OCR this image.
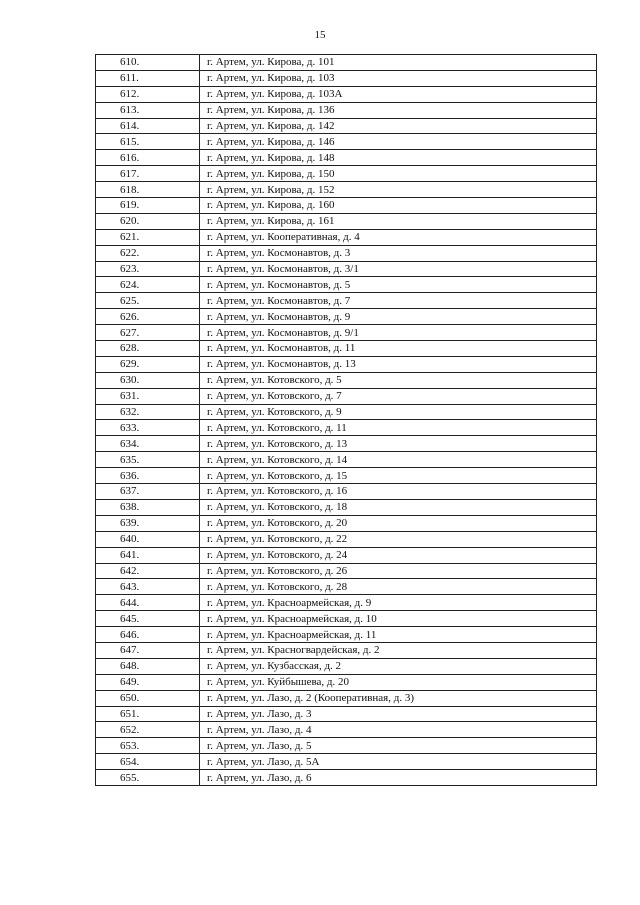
15
610.	г. Артем, ул. Кирова, д. 101
611.	г. Артем, ул. Кирова, д. 103
612.	г. Артем, ул. Кирова, д. 103А
613.	г. Артем, ул. Кирова, д. 136
614.	г. Артем, ул. Кирова, д. 142
615.	г. Артем, ул. Кирова, д. 146
616.	г. Артем, ул. Кирова, д. 148
617.	г. Артем, ул. Кирова, д. 150
618.	г. Артем, ул. Кирова, д. 152
619.	г. Артем, ул. Кирова, д. 160
620.	г. Артем, ул. Кирова, д. 161
621.	г. Артем, ул. Кооперативная, д. 4
622.	г. Артем, ул. Космонавтов, д. 3
623.	г. Артем, ул. Космонавтов, д. 3/1
624.	г. Артем, ул. Космонавтов, д. 5
625.	г. Артем, ул. Космонавтов, д. 7
626.	г. Артем, ул. Космонавтов, д. 9
627.	г. Артем, ул. Космонавтов, д. 9/1
628.	г. Артем, ул. Космонавтов, д. 11
629.	г. Артем, ул. Космонавтов, д. 13
630.	г. Артем, ул. Котовского, д. 5
631.	г. Артем, ул. Котовского, д. 7
632.	г. Артем, ул. Котовского, д. 9
633.	г. Артем, ул. Котовского, д. 11
634.	г. Артем, ул. Котовского, д. 13
635.	г. Артем, ул. Котовского, д. 14
636.	г. Артем, ул. Котовского, д. 15
637.	г. Артем, ул. Котовского, д. 16
638.	г. Артем, ул. Котовского, д. 18
639.	г. Артем, ул. Котовского, д. 20
640.	г. Артем, ул. Котовского, д. 22
641.	г. Артем, ул. Котовского, д. 24
642.	г. Артем, ул. Котовского, д. 26
643.	г. Артем, ул. Котовского, д. 28
644.	г. Артем, ул. Красноармейская, д. 9
645.	г. Артем, ул. Красноармейская, д. 10
646.	г. Артем, ул. Красноармейская, д. 11
647.	г. Артем, ул. Красногвардейская, д. 2
648.	г. Артем, ул. Кузбасская, д. 2
649.	г. Артем, ул. Куйбышева, д. 20
650.	г. Артем, ул. Лазо, д. 2 (Кооперативная, д. 3)
651.	г. Артем, ул. Лазо, д. 3
652.	г. Артем, ул. Лазо, д. 4
653.	г. Артем, ул. Лазо, д. 5
654.	г. Артем, ул. Лазо, д. 5А
655.	г. Артем, ул. Лазо, д. 6
